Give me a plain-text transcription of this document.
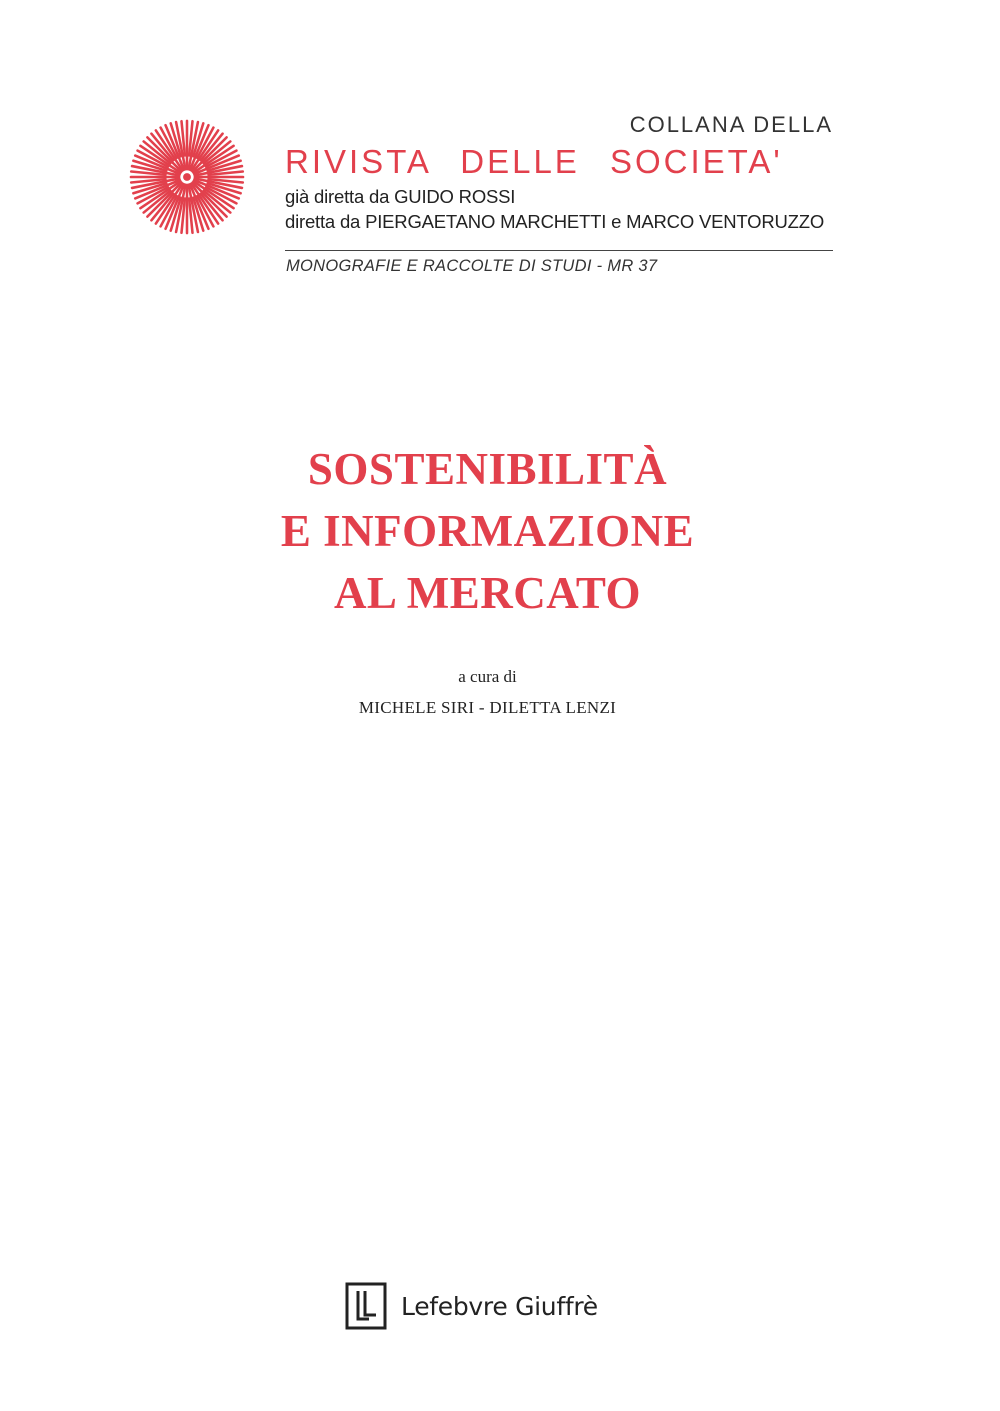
COLLANA DELLA
RIVISTA DELLE SOCIETA'
già diretta da GUIDO ROSSI
diretta da PIERGAETANO MARCHETTI e MARCO VENTORUZZO
MONOGRAFIE E RACCOLTE DI STUDI - MR 37
SOSTENIBILITÀ
E INFORMAZIONE
AL MERCATO
a cura di
MICHELE SIRI - DILETTA LENZI
Lefebvre Giuffrè
